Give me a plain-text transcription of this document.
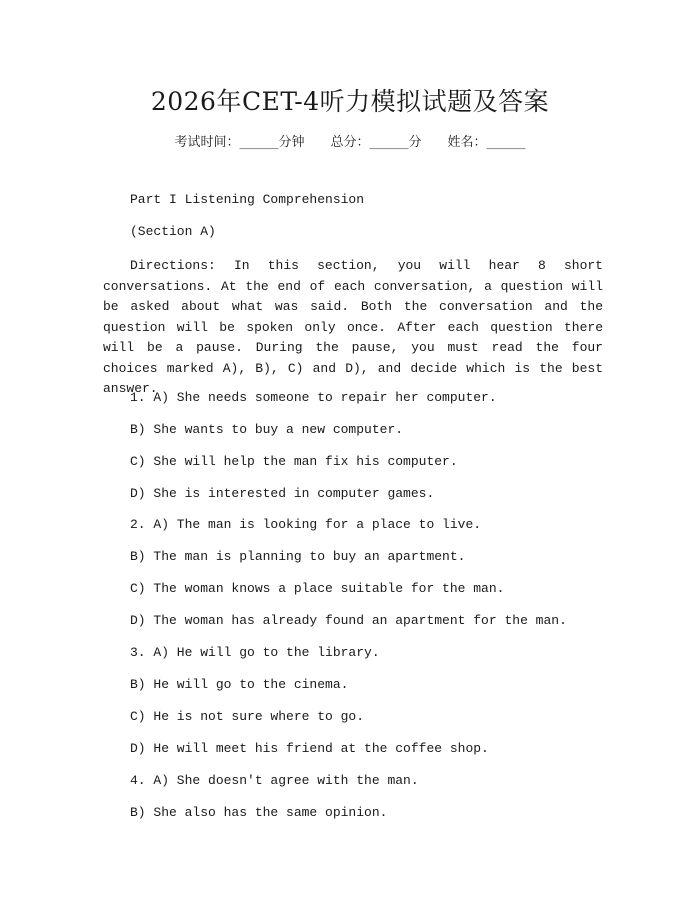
2026年CET-4听力模拟试题及答案
考试时间：______分钟 总分：______分 姓名：______

Part I Listening Comprehension

(Section A)

Directions: In this section, you will hear 8 short conversations. At the end of each conversation, a question will be asked about what was said. Both the conversation and the question will be spoken only once. After each question there will be a pause. During the pause, you must read the four choices marked A), B), C) and D), and decide which is the best answer.

1. A) She needs someone to repair her computer.

B) She wants to buy a new computer.

C) She will help the man fix his computer.

D) She is interested in computer games.

2. A) The man is looking for a place to live.

B) The man is planning to buy an apartment.

C) The woman knows a place suitable for the man.

D) The woman has already found an apartment for the man.

3. A) He will go to the library.

B) He will go to the cinema.

C) He is not sure where to go.

D) He will meet his friend at the coffee shop.

4. A) She doesn't agree with the man.

B) She also has the same opinion.
